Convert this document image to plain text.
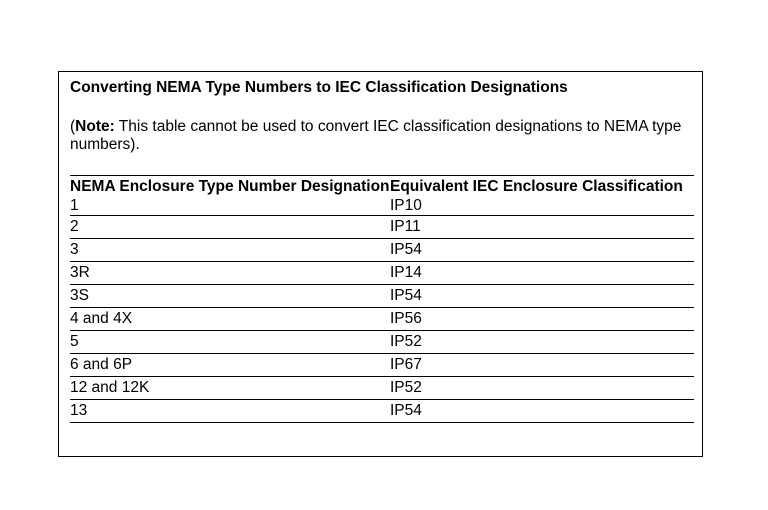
Converting NEMA Type Numbers to IEC Classification Designations
(Note: This table cannot be used to convert IEC classification designations to NEMA type numbers).
NEMA Enclosure Type Number Designation	Equivalent IEC Enclosure Classification
1	IP10
2	IP11
3	IP54
3R	IP14
3S	IP54
4 and 4X	IP56
5	IP52
6 and 6P	IP67
12 and 12K	IP52
13	IP54
